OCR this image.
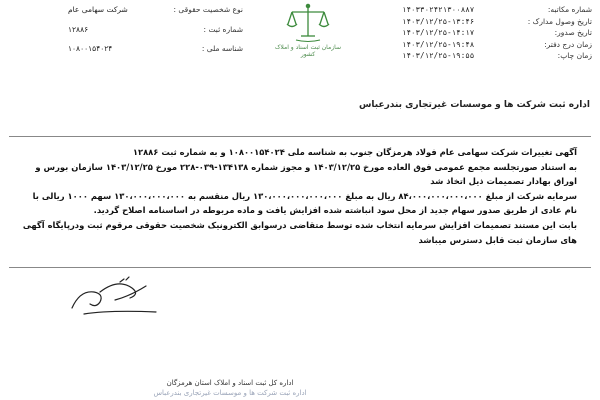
شماره مکاتبه:
۱۴۰۳۳۰۲۴۲۱۳۰۰۸۸۷
تاریخ وصول مدارک :
۱۴۰۳/۱۲/۲۵-۱۳:۴۶
تاریخ صدور:
۱۴۰۳/۱۲/۲۵-۱۴:۱۷
زمان درج دفتر:
۱۴۰۳/۱۲/۲۵-۱۹:۴۸
زمان چاپ:
۱۴۰۳/۱۲/۲۵-۱۹:۵۵
نوع شخصیت حقوقی :
شرکت سهامی عام
شماره ثبت :
۱۲۸۸۶
شناسه ملی :
۱۰۸۰۰۱۵۴۰۲۴	سازمان ثبت اسناد و املاک کشور
اداره ثبت شرکت ها و موسسات غیرتجاری بندرعباس

آگهی تغییرات شرکت سهامی عام فولاد هرمزگان جنوب به شناسه ملی ۱۰۸۰۰۱۵۴۰۲۴ و به شماره ثبت ۱۲۸۸۶

به استناد صورتجلسه مجمع عمومی فوق العاده مورخ ۱۴۰۳/۱۲/۲۵ و مجوز شماره ۱۳۴۱۳۸-۰۳۹-۲۲۸ مورخ ۱۴۰۳/۱۲/۲۵ سازمان بورس و اوراق بهادار تصمیمات ذیل اتخاذ شد

سرمایه شرکت از مبلغ ۸۴،۰۰۰،۰۰۰،۰۰۰،۰۰۰ ریال به مبلغ ۱۳۰،۰۰۰،۰۰۰،۰۰۰،۰۰۰ ریال منقسم به ۱۳۰،۰۰۰،۰۰۰،۰۰۰ سهم ۱۰۰۰ ریالی با نام عادی از طریق صدور سهام جدید از محل سود انباشته شده افزایش یافت و ماده مربوطه در اساسنامه اصلاح گردید.

بابت این مستند تصمیمات افزایش سرمایه انتخاب شده توسط متقاضی درسوابق الکترونیک شخصیت حقوقی مرقوم ثبت ودرپایگاه آگهی های سازمان ثبت قابل دسترس میباشد

اداره کل ثبت اسناد و املاک استان هرمزگان
اداره ثبت شرکت ها و موسسات غیرتجاری بندرعباس
